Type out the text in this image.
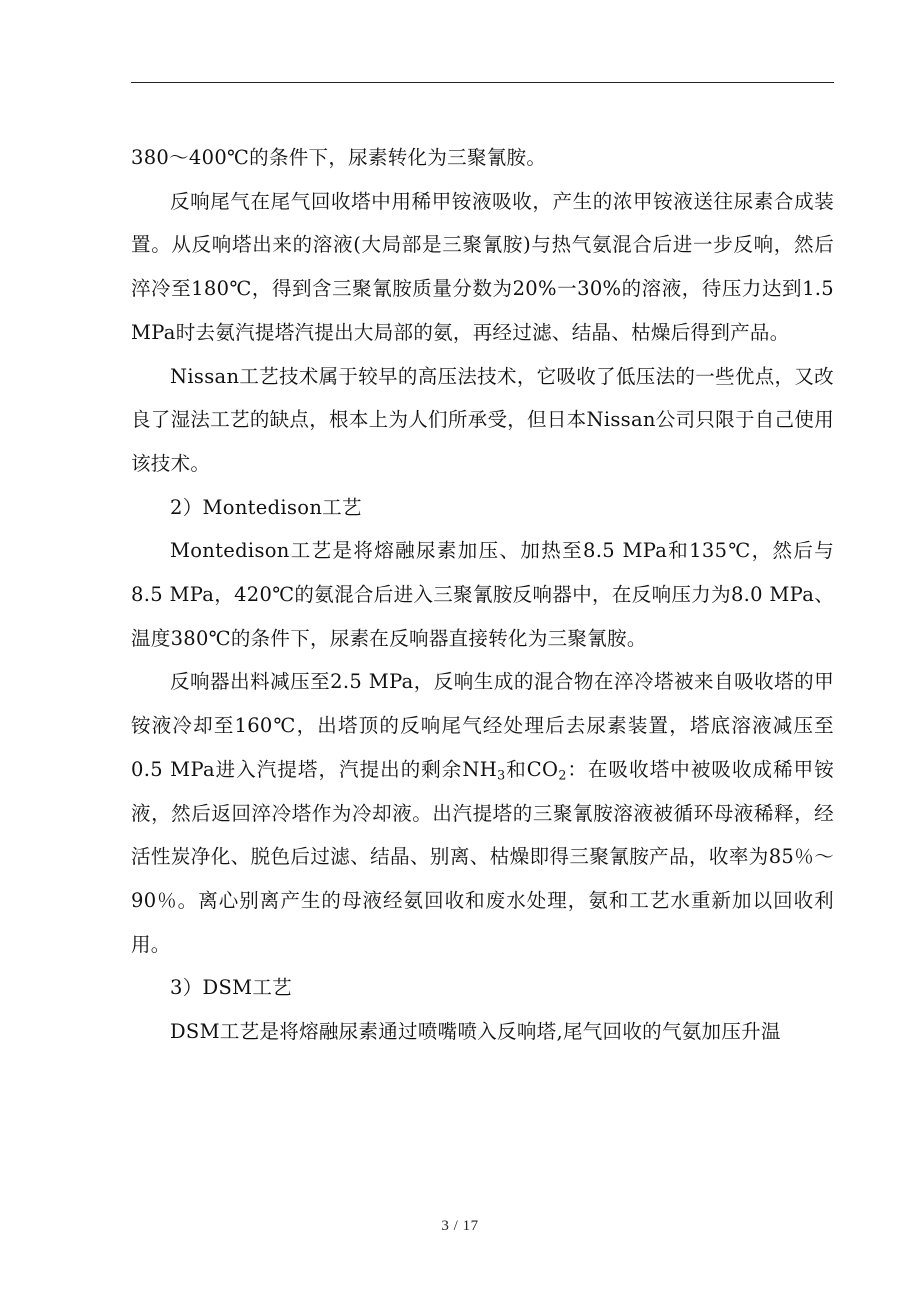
380～400℃的条件下，尿素转化为三聚氰胺。

反响尾气在尾气回收塔中用稀甲铵液吸收，产生的浓甲铵液送往尿素合成装置。从反响塔出来的溶液(大局部是三聚氰胺)与热气氨混合后进一步反响，然后淬冷至180℃，得到含三聚氰胺质量分数为20%一30%的溶液，待压力达到1.5 MPa时去氨汽提塔汽提出大局部的氨，再经过滤、结晶、枯燥后得到产品。

Nissan工艺技术属于较早的高压法技术，它吸收了低压法的一些优点，又改良了湿法工艺的缺点，根本上为人们所承受，但日本Nissan公司只限于自己使用该技术。

2）Montedison工艺

Montedison工艺是将熔融尿素加压、加热至8.5 MPa和135℃，然后与8.5 MPa，420℃的氨混合后进入三聚氰胺反响器中，在反响压力为8.0 MPa、温度380℃的条件下，尿素在反响器直接转化为三聚氰胺。

反响器出料减压至2.5 MPa，反响生成的混合物在淬冷塔被来自吸收塔的甲铵液冷却至160℃，出塔顶的反响尾气经处理后去尿素装置，塔底溶液减压至0.5 MPa进入汽提塔，汽提出的剩余$NH_3$和$CO_2$：在吸收塔中被吸收成稀甲铵液，然后返回淬冷塔作为冷却液。出汽提塔的三聚氰胺溶液被循环母液稀释，经活性炭净化、脱色后过滤、结晶、别离、枯燥即得三聚氰胺产品，收率为85％～90％。离心别离产生的母液经氨回收和废水处理，氨和工艺水重新加以回收利用。

3）DSM工艺

DSM工艺是将熔融尿素通过喷嘴喷入反响塔,尾气回收的气氨加压升温

3 / 17
